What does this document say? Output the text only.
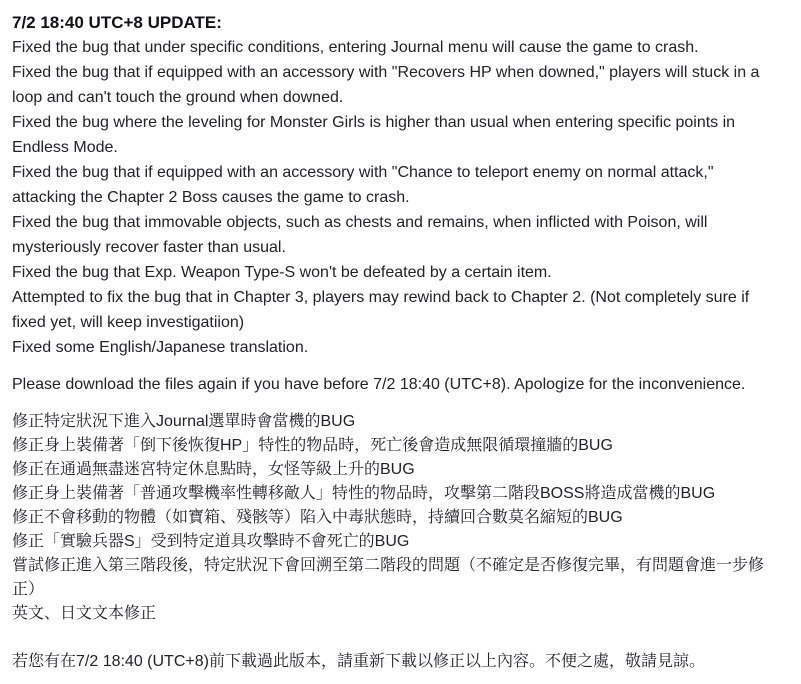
7/2 18:40 UTC+8 UPDATE:

Fixed the bug that under specific conditions, entering Journal menu will cause the game to crash.

Fixed the bug that if equipped with an accessory with "Recovers HP when downed," players will stuck in a loop and can't touch the ground when downed.

Fixed the bug where the leveling for Monster Girls is higher than usual when entering specific points in Endless Mode.

Fixed the bug that if equipped with an accessory with "Chance to teleport enemy on normal attack," attacking the Chapter 2 Boss causes the game to crash.

Fixed the bug that immovable objects, such as chests and remains, when inflicted with Poison, will mysteriously recover faster than usual.

Fixed the bug that Exp. Weapon Type-S won't be defeated by a certain item.

Attempted to fix the bug that in Chapter 3, players may rewind back to Chapter 2. (Not completely sure if fixed yet, will keep investigatiion)

Fixed some English/Japanese translation.

Please download the files again if you have before 7/2 18:40 (UTC+8). Apologize for the inconvenience.

修正特定狀況下進入Journal選單時會當機的BUG

修正身上裝備著「倒下後恢復HP」特性的物品時，死亡後會造成無限循環撞牆的BUG

修正在通過無盡迷宮特定休息點時，女怪等級上升的BUG

修正身上裝備著「普通攻擊機率性轉移敵人」特性的物品時，攻擊第二階段BOSS將造成當機的BUG

修正不會移動的物體（如寶箱、殘骸等）陷入中毒狀態時，持續回合數莫名縮短的BUG

修正「實驗兵器S」受到特定道具攻擊時不會死亡的BUG

嘗試修正進入第三階段後，特定狀況下會回溯至第二階段的問題（不確定是否修復完畢，有問題會進一步修正）

英文、日文文本修正

若您有在7/2 18:40 (UTC+8)前下載過此版本，請重新下載以修正以上內容。不便之處，敬請見諒。
